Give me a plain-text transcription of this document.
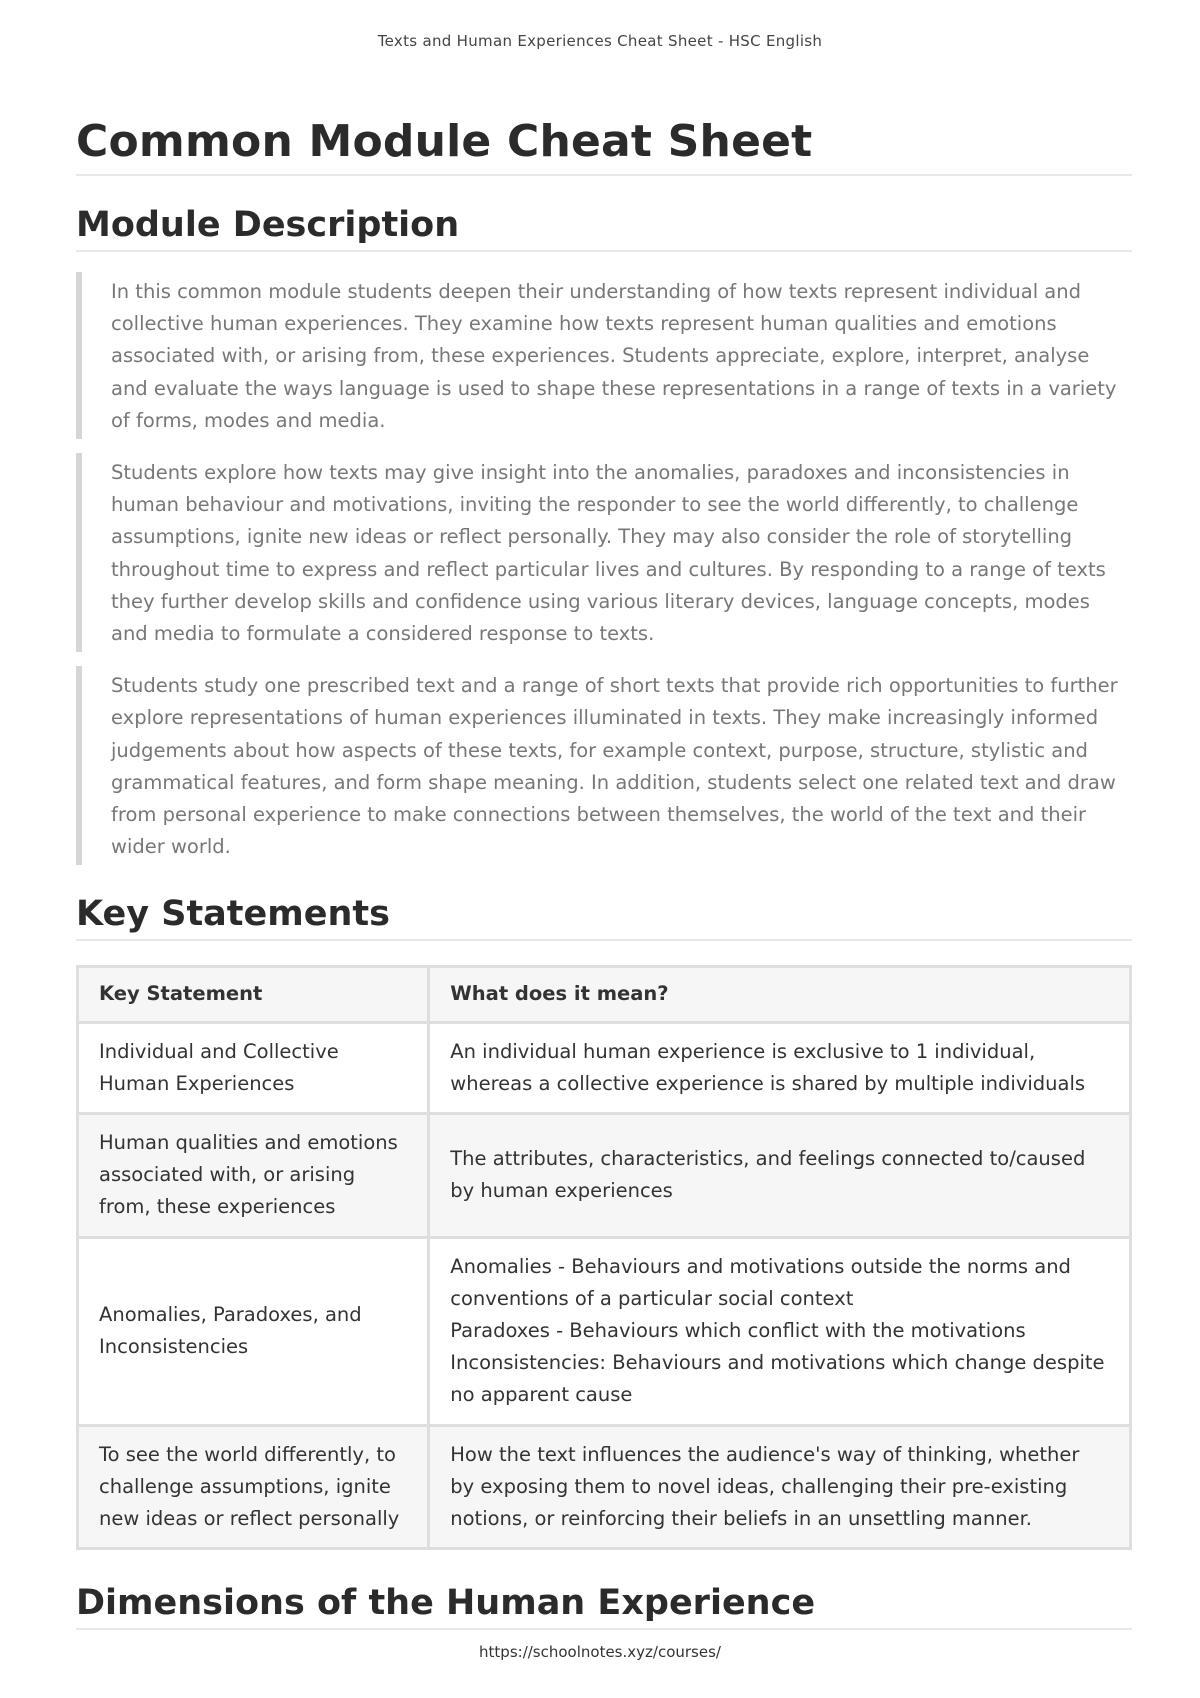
Texts and Human Experiences Cheat Sheet - HSC English
Common Module Cheat Sheet
Module Description
In this common module students deepen their understanding of how texts represent individual and collective human experiences. They examine how texts represent human qualities and emotions associated with, or arising from, these experiences. Students appreciate, explore, interpret, analyse and evaluate the ways language is used to shape these representations in a range of texts in a variety of forms, modes and media.
Students explore how texts may give insight into the anomalies, paradoxes and inconsistencies in human behaviour and motivations, inviting the responder to see the world differently, to challenge assumptions, ignite new ideas or reflect personally. They may also consider the role of storytelling throughout time to express and reflect particular lives and cultures. By responding to a range of texts they further develop skills and confidence using various literary devices, language concepts, modes and media to formulate a considered response to texts.
Students study one prescribed text and a range of short texts that provide rich opportunities to further explore representations of human experiences illuminated in texts. They make increasingly informed judgements about how aspects of these texts, for example context, purpose, structure, stylistic and grammatical features, and form shape meaning. In addition, students select one related text and draw from personal experience to make connections between themselves, the world of the text and their wider world.
Key Statements
Key Statement	What does it mean?
Individual and Collective Human Experiences	An individual human experience is exclusive to 1 individual, whereas a collective experience is shared by multiple individuals

Human qualities and emotions associated with, or arising from, these experiences	The attributes, characteristics, and feelings connected to/caused by human experiences

Anomalies, Paradoxes, and Inconsistencies	Anomalies - Behaviours and motivations outside the norms and conventions of a particular social context
Paradoxes - Behaviours which conflict with the motivations
Inconsistencies: Behaviours and motivations which change despite no apparent cause

To see the world differently, to challenge assumptions, ignite new ideas or reflect personally	How the text influences the audience's way of thinking, whether by exposing them to novel ideas, challenging their pre-existing notions, or reinforcing their beliefs in an unsettling manner.
Dimensions of the Human Experience
https://schoolnotes.xyz/courses/
